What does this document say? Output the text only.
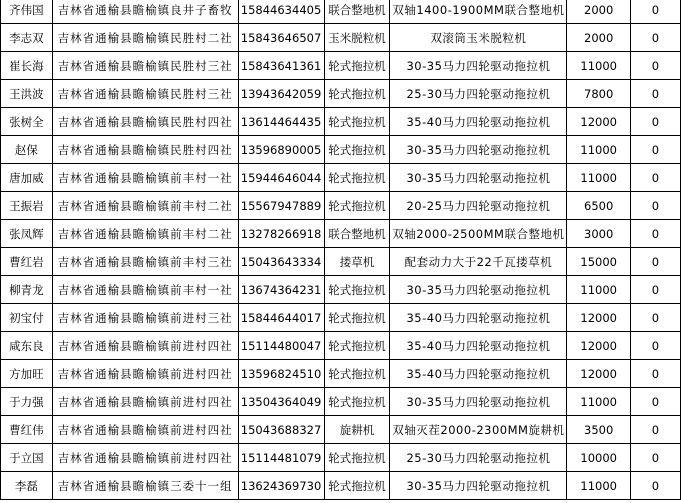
齐伟国	吉林省通榆县瞻榆镇良井子畜牧	15844634405	联合整地机	双轴1400-1900MM联合整地机	2000	0
李志双	吉林省通榆县瞻榆镇民胜村二社	15843646507	玉米脱粒机	双滚筒玉米脱粒机	2000	0
崔长海	吉林省通榆县瞻榆镇民胜村三社	15843641361	轮式拖拉机	30-35马力四轮驱动拖拉机	11000	0
王洪波	吉林省通榆县瞻榆镇民胜村三社	13943642059	轮式拖拉机	25-30马力四轮驱动拖拉机	7800	0
张树全	吉林省通榆县瞻榆镇民胜村四社	13614464435	轮式拖拉机	35-40马力四轮驱动拖拉机	12000	0
赵保	吉林省通榆县瞻榆镇民胜村四社	13596890005	轮式拖拉机	30-35马力四轮驱动拖拉机	11000	0
唐加威	吉林省通榆县瞻榆镇前丰村一社	15944646044	轮式拖拉机	30-35马力四轮驱动拖拉机	11000	0
王振岩	吉林省通榆县瞻榆镇前丰村二社	15567947889	轮式拖拉机	20-25马力四轮驱动拖拉机	6500	0
张凤辉	吉林省通榆县瞻榆镇前丰村二社	13278266918	联合整地机	双轴2000-2500MM联合整地机	3000	0
曹红岩	吉林省通榆县瞻榆镇前丰村三社	15043643334	搂草机	配套动力大于22千瓦搂草机	15000	0
柳青龙	吉林省通榆县瞻榆镇前丰村一社	13674364231	轮式拖拉机	30-35马力四轮驱动拖拉机	11000	0
初宝付	吉林省通榆县瞻榆镇前进村三社	15844644017	轮式拖拉机	35-40马力四轮驱动拖拉机	12000	0
咸东良	吉林省通榆县瞻榆镇前进村四社	15114480047	轮式拖拉机	35-40马力四轮驱动拖拉机	12000	0
方加旺	吉林省通榆县瞻榆镇前进村四社	13596824510	轮式拖拉机	35-40马力四轮驱动拖拉机	12000	0
于力强	吉林省通榆县瞻榆镇前进村四社	13504364049	轮式拖拉机	30-35马力四轮驱动拖拉机	11000	0
曹红伟	吉林省通榆县瞻榆镇前进村四社	15043688327	旋耕机	双轴灭茬2000-2300MM旋耕机	3500	0
于立国	吉林省通榆县瞻榆镇前进村四社	15114481079	轮式拖拉机	25-30马力四轮驱动拖拉机	10000	0
李磊	吉林省通榆县瞻榆镇三委十一组	13624369730	轮式拖拉机	30-35马力四轮驱动拖拉机	11000	0
